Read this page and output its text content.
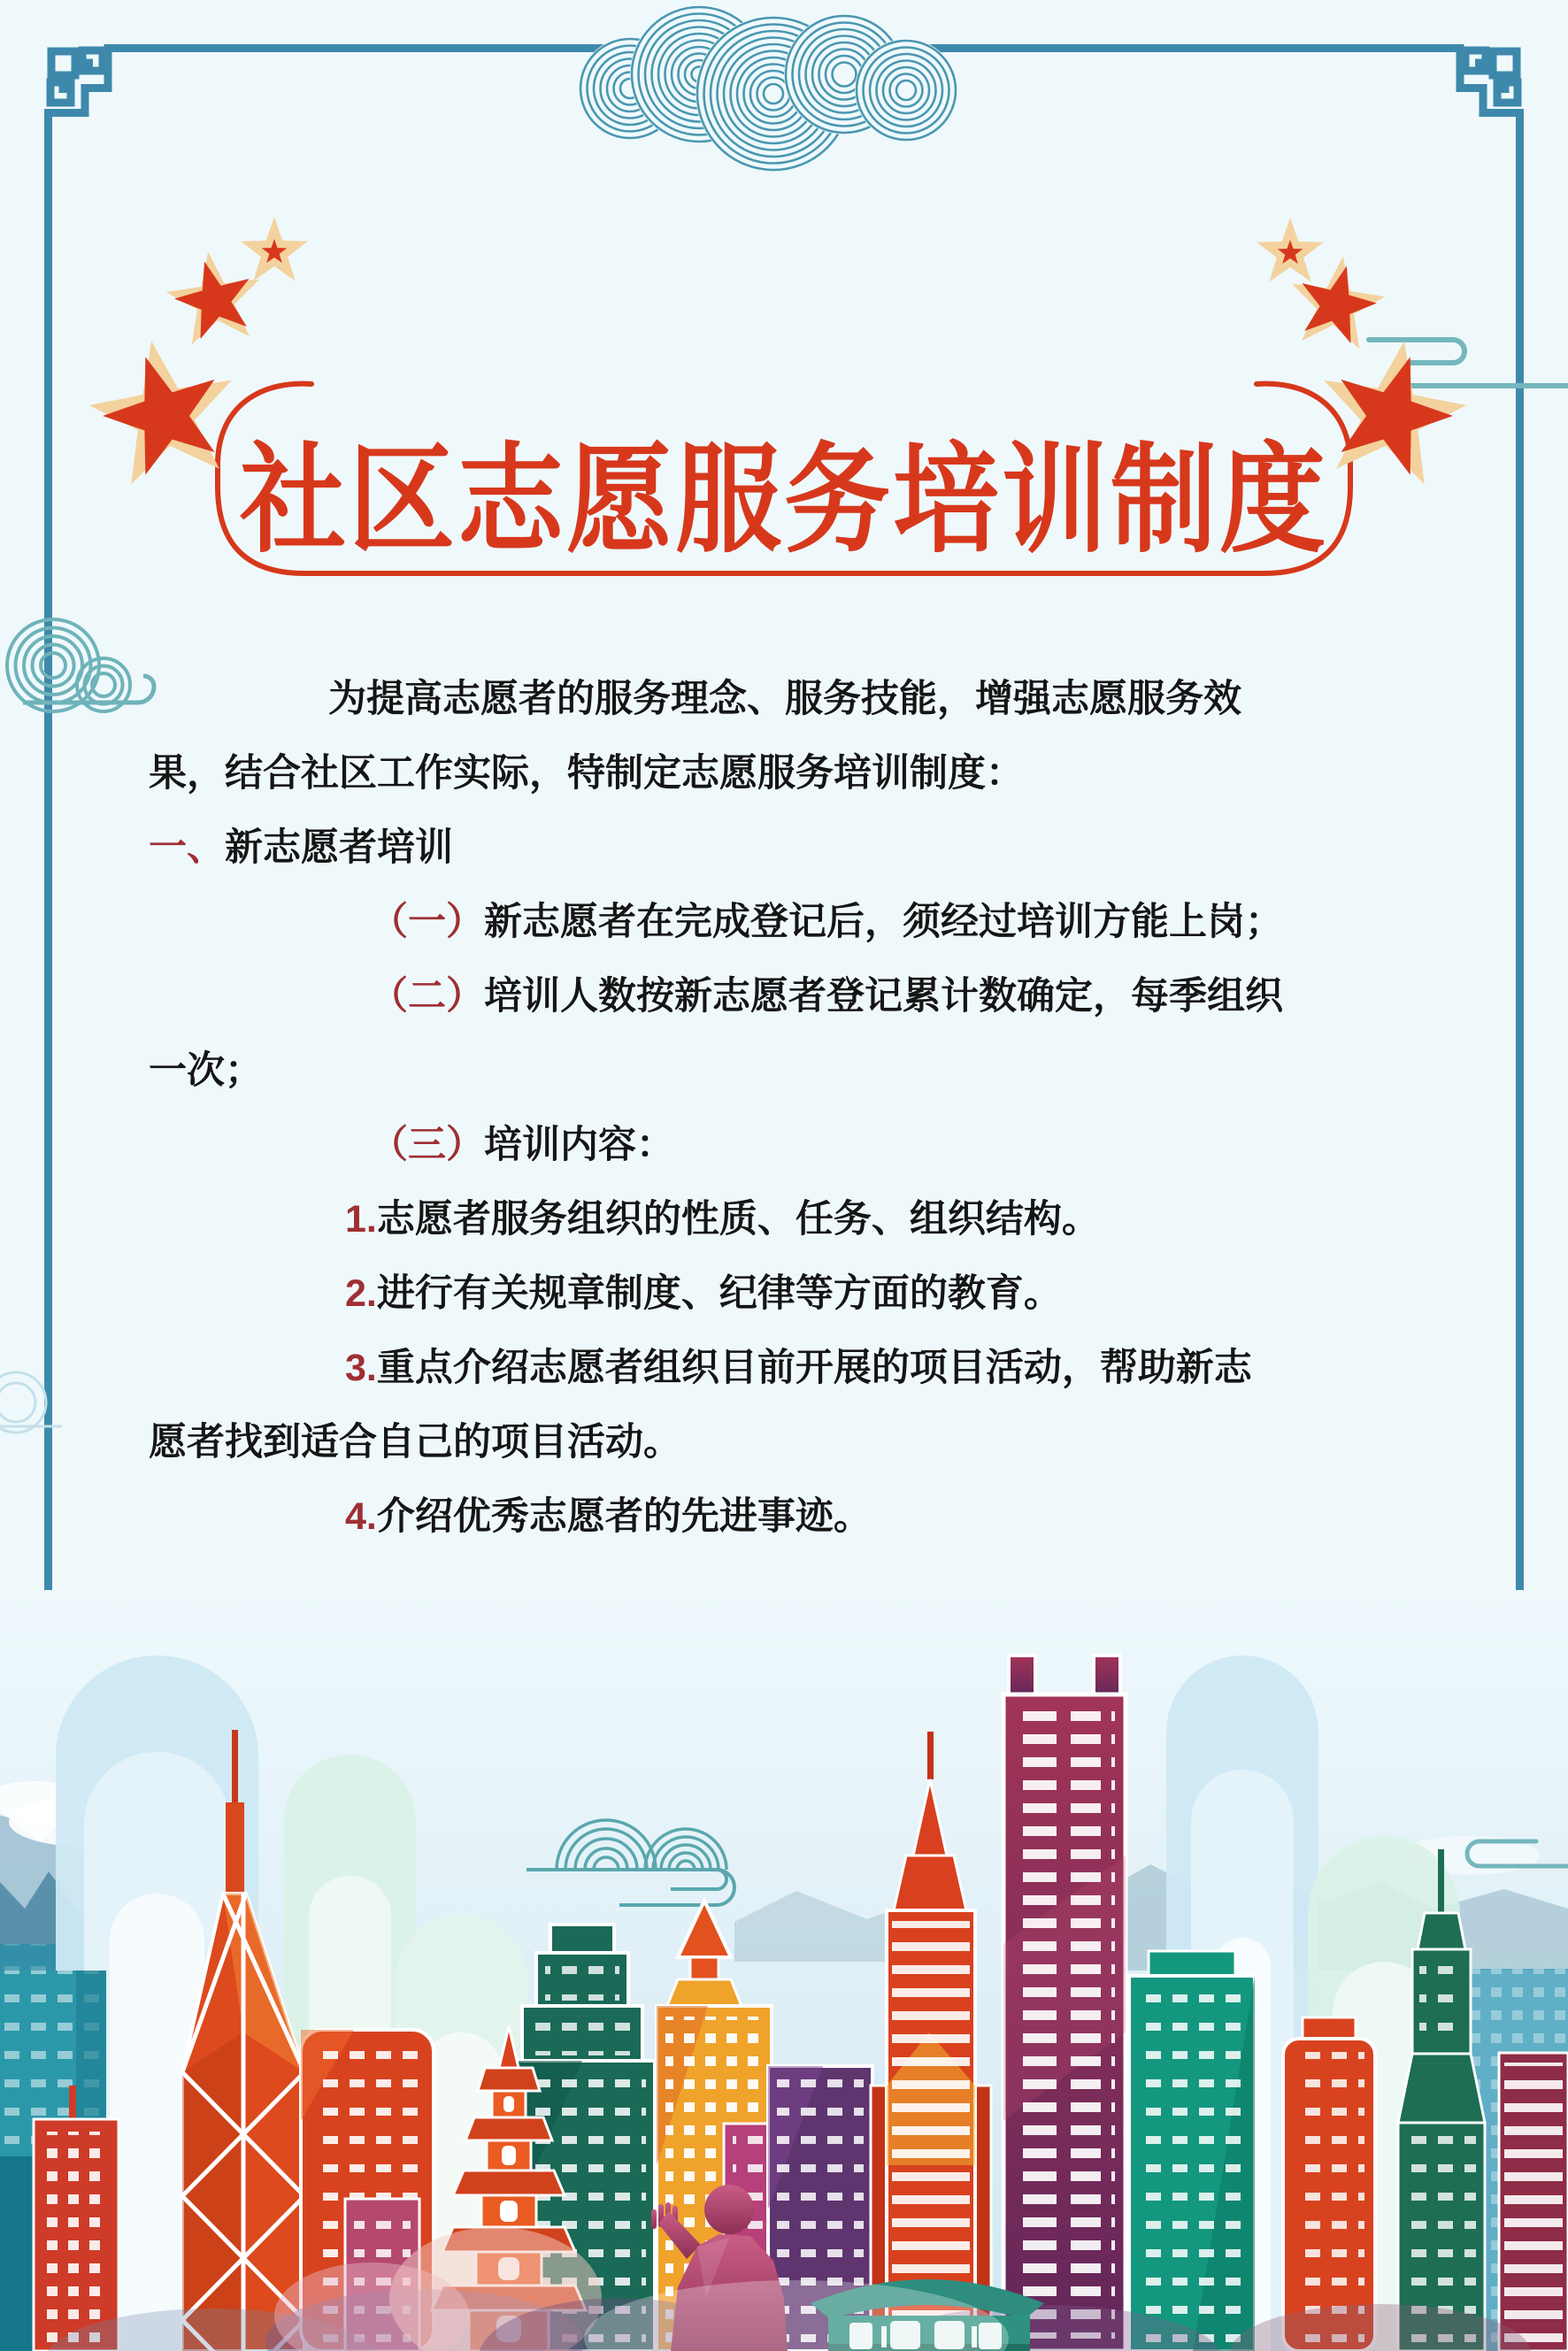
社区志愿服务培训制度
为提高志愿者的服务理念、服务技能，增强志愿服务效
果，结合社区工作实际，特制定志愿服务培训制度：
一、新志愿者培训
（一）新志愿者在完成登记后，须经过培训方能上岗；
（二）培训人数按新志愿者登记累计数确定，每季组织
一次；
（三）培训内容：
1.志愿者服务组织的性质、任务、组织结构。
2.进行有关规章制度、纪律等方面的教育。
3.重点介绍志愿者组织目前开展的项目活动，帮助新志
愿者找到适合自己的项目活动。
4.介绍优秀志愿者的先进事迹。
